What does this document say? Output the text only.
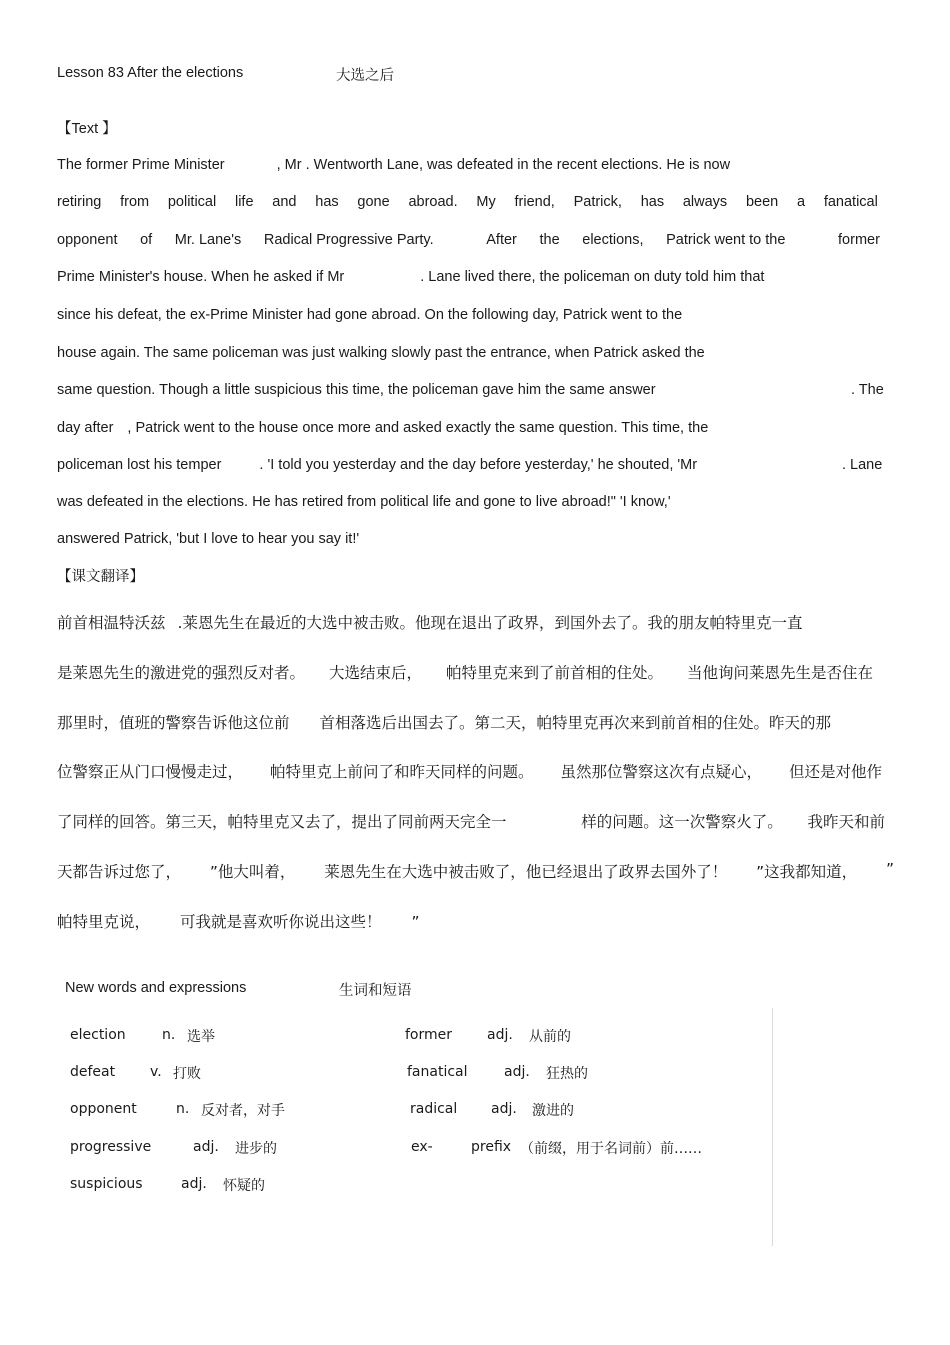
Lesson 83 After the elections	大选之后
【Text 】
The former Prime Minister	, Mr . Wentworth Lane, was defeated in the recent elections. He is now
retiring from political life and has gone abroad. My friend, Patrick, has always been a fanatical
opponent of Mr. Lane's Radical Progressive Party.	After the elections, Patrick went to the	former
Prime Minister's house. When he asked if Mr	. Lane lived there, the policeman on duty told him that
since his defeat, the ex-Prime Minister had gone abroad. On the following day, Patrick went to the
house again. The same policeman was just walking slowly past the entrance, when Patrick asked the
same question. Though a little suspicious this time, the policeman gave him the same answer	. The
day after , Patrick went to the house once more and asked exactly the same question. This time, the
policeman lost his temper	. 'I told you yesterday and the day before yesterday,' he shouted, 'Mr	. Lane
was defeated in the elections. He has retired from political life and gone to live abroad!" 'I know,'
answered Patrick, 'but I love to hear you say it!'
【课文翻译】
前首相温特沃兹 .莱恩先生在最近的大选中被击败。他现在退出了政界，到国外去了。我的朋友帕特里克一直
是莱恩先生的激进党的强烈反对者。 大选结束后， 帕特里克来到了前首相的住处。 当他询问莱恩先生是否住在
那里时，值班的警察告诉他这位前 首相落选后出国去了。第二天，帕特里克再次来到前首相的住处。昨天的那
位警察正从门口慢慢走过， 帕特里克上前问了和昨天同样的问题。 虽然那位警察这次有点疑心， 但还是对他作
了同样的回答。第三天，帕特里克又去了，提出了同前两天完全一	样的问题。这一次警察火了。 我昨天和前
天都告诉过您了， ”他大叫着， 莱恩先生在大选中被击败了，他已经退出了政界去国外了！ ”这我都知道， ”
帕特里克说， 可我就是喜欢听你说出这些！ ”
New words and expressions	生词和短语
election	n. 选举	former adj. 从前的
defeat v. 打败	fanatical	adj. 狂热的
opponent	n. 反对者，对手	radical adj. 激进的
progressive	adj. 进步的	ex-	prefix （前缀，用于名词前）前……
suspicious	adj. 怀疑的
